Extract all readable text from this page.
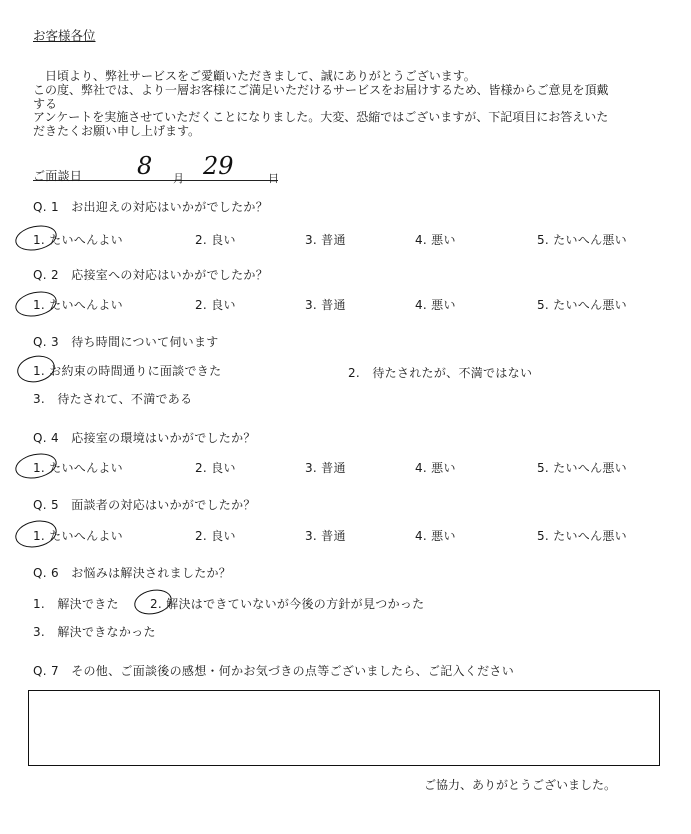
お客様各位

　日頃より、弊社サービスをご愛顧いただきまして、誠にありがとうございます。

この度、弊社では、より一層お客様にご満足いただけるサービスをお届けするため、皆様からご意見を頂戴

する

アンケートを実施させていただくことになりました。大変、恐縮ではございますが、下記項目にお答えいた

だきたくお願い申し上げます。

ご面談日 8 月 29	日
Q. 1　お出迎えの対応はいかがでしたか？
1. たいへんよい	2. 良い	3. 普通	4. 悪い	5. たいへん悪い
Q. 2　応接室への対応はいかがでしたか？
1. たいへんよい	2. 良い	3. 普通	4. 悪い	5. たいへん悪い
Q. 3　待ち時間について伺います
1. お約束の時間通りに面談できた	2.　待たされたが、不満ではない
3.　待たされて、不満である
Q. 4　応接室の環境はいかがでしたか？
1. たいへんよい	2. 良い	3. 普通	4. 悪い	5. たいへん悪い
Q. 5　面談者の対応はいかがでしたか？
1. たいへんよい	2. 良い	3. 普通	4. 悪い	5. たいへん悪い
Q. 6　お悩みは解決されましたか？
1.　解決できた	2. 解決はできていないが今後の方針が見つかった
3.　解決できなかった
Q. 7　その他、ご面談後の感想・何かお気づきの点等ございましたら、ご記入ください
ご協力、ありがとうございました。
